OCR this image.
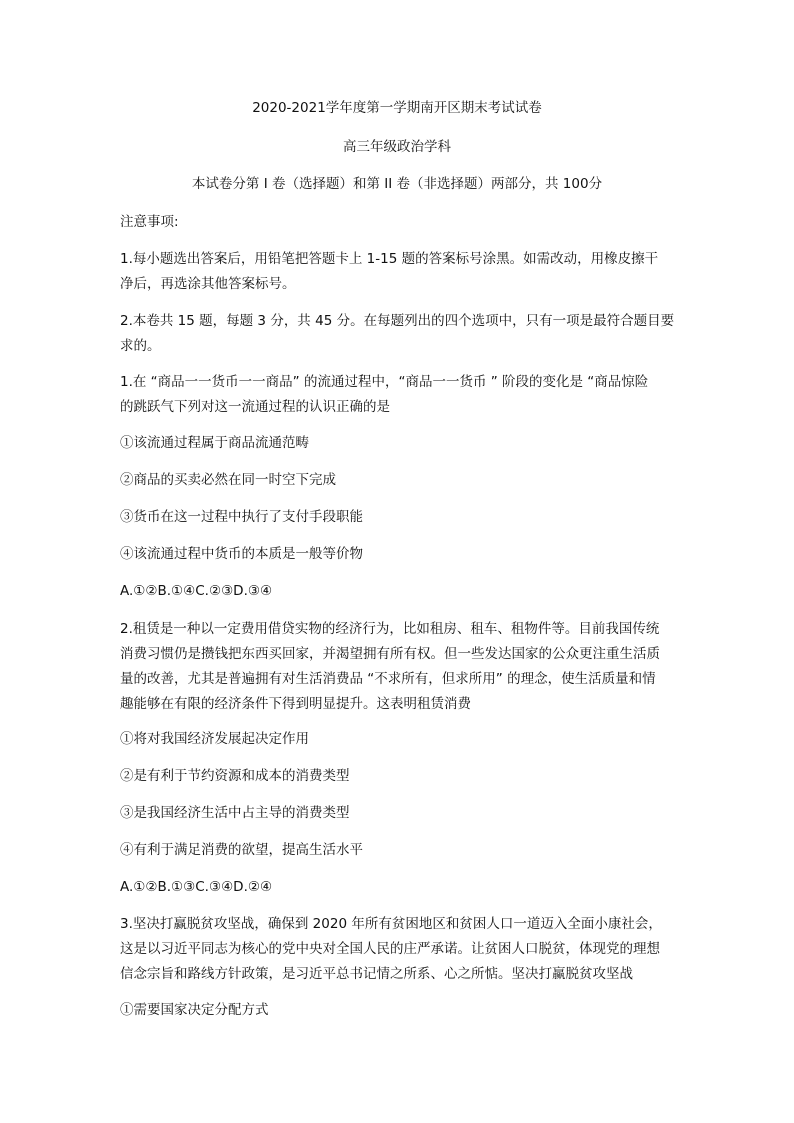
2020-2021学年度第一学期南开区期末考试试卷
高三年级政治学科
本试卷分第 I 卷（选择题）和第 II 卷（非选择题）两部分，共 100分
注意事项:
1.每小题选出答案后，用铅笔把答题卡上 1-15 题的答案标号涂黑。如需改动，用橡皮擦干
净后，再选涂其他答案标号。
2.本卷共 15 题，每题 3 分，共 45 分。在每题列出的四个选项中，只有一项是最符合题目要
求的。
1.在 “商品一一货币一一商品” 的流通过程中，“商品一一货币 ” 阶段的变化是 “商品惊险
的跳跃气下列对这一流通过程的认识正确的是
①该流通过程属于商品流通范畴
②商品的买卖必然在同一时空下完成
③货币在这一过程中执行了支付手段职能
④该流通过程中货币的本质是一般等价物
A.①②B.①④C.②③D.③④
2.租赁是一种以一定费用借贷实物的经济行为，比如租房、租车、租物件等。目前我国传统
消费习惯仍是攒钱把东西买回家，并渴望拥有所有权。但一些发达国家的公众更注重生活质
量的改善，尤其是普遍拥有对生活消费品 “不求所有，但求所用” 的理念，使生活质量和情
趣能够在有限的经济条件下得到明显提升。这表明租赁消费
①将对我国经济发展起决定作用
②是有利于节约资源和成本的消费类型
③是我国经济生活中占主导的消费类型
④有利于满足消费的欲望，提高生活水平
A.①②B.①③C.③④D.②④
3.坚决打赢脱贫攻坚战，确保到 2020 年所有贫困地区和贫困人口一道迈入全面小康社会，
这是以习近平同志为核心的党中央对全国人民的庄严承诺。让贫困人口脱贫，体现党的理想
信念宗旨和路线方针政策，是习近平总书记情之所系、心之所惦。坚决打赢脱贫攻坚战
①需要国家决定分配方式
